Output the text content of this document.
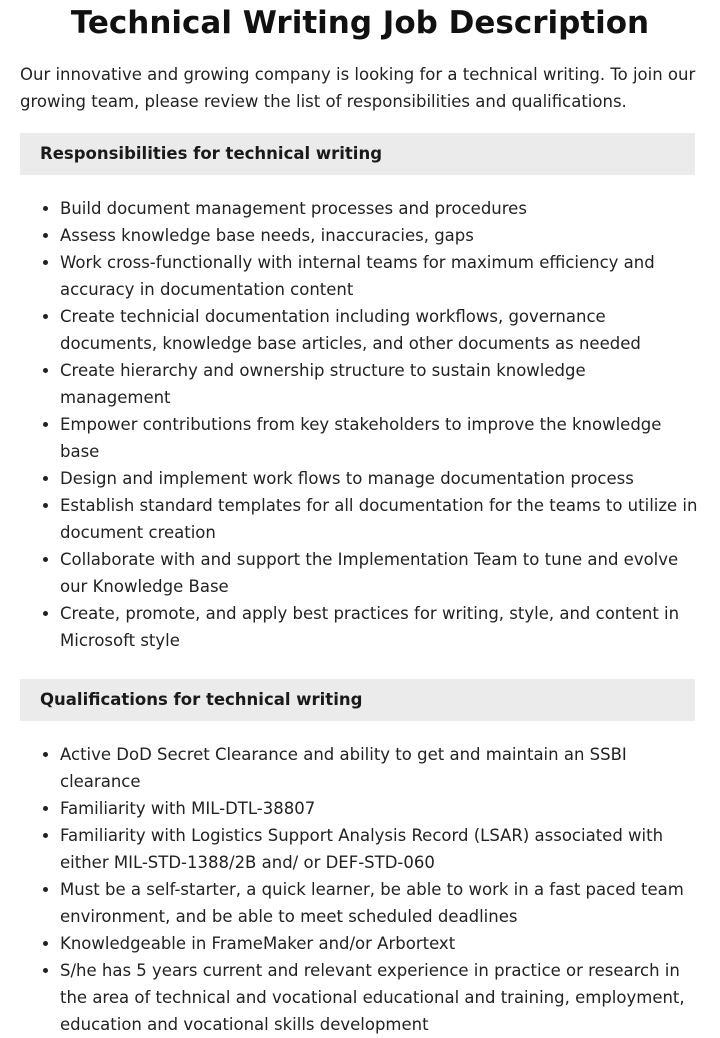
Technical Writing Job Description

Our innovative and growing company is looking for a technical writing. To join our growing team, please review the list of responsibilities and qualifications.

Responsibilities for technical writing
• Build document management processes and procedures
• Assess knowledge base needs, inaccuracies, gaps
• Work cross-functionally with internal teams for maximum efficiency and accuracy in documentation content
• Create technicial documentation including workflows, governance documents, knowledge base articles, and other documents as needed
• Create hierarchy and ownership structure to sustain knowledge management
• Empower contributions from key stakeholders to improve the knowledge base
• Design and implement work flows to manage documentation process
• Establish standard templates for all documentation for the teams to utilize in document creation
• Collaborate with and support the Implementation Team to tune and evolve our Knowledge Base
• Create, promote, and apply best practices for writing, style, and content in Microsoft style
Qualifications for technical writing
• Active DoD Secret Clearance and ability to get and maintain an SSBI clearance
• Familiarity with MIL-DTL-38807
• Familiarity with Logistics Support Analysis Record (LSAR) associated with either MIL-STD-1388/2B and/ or DEF-STD-060
• Must be a self-starter, a quick learner, be able to work in a fast paced team environment, and be able to meet scheduled deadlines
• Knowledgeable in FrameMaker and/or Arbortext
• S/he has 5 years current and relevant experience in practice or research in the area of technical and vocational educational and training, employment, education and vocational skills development
